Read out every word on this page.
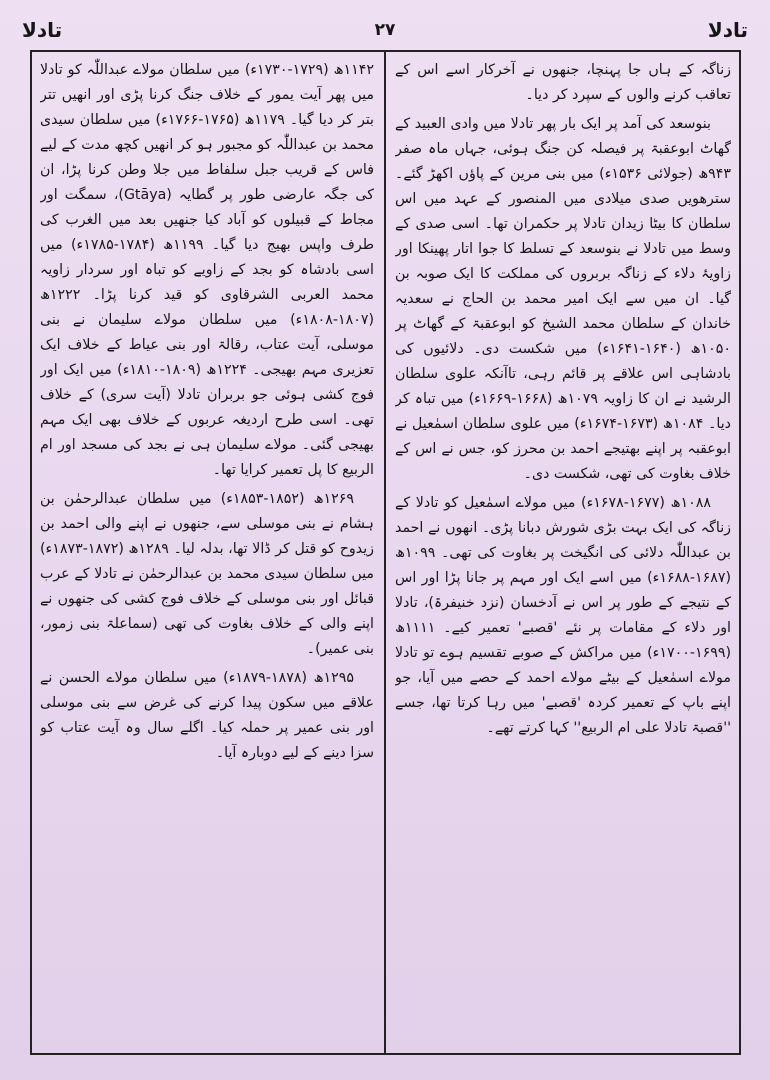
تادلا
۲۷
تادلا

زناگہ کے ہاں جا پہنچا، جنھوں نے آخرکار اسے اس کے تعاقب کرنے والوں کے سپرد کر دیا۔

بنوسعد کی آمد پر ایک بار پھر تادلا میں وادی العبید کے گھاٹ ابوعقبۃ پر فیصلہ کن جنگ ہوئی، جہاں ماہ صفر ۹۴۳ھ (جولائی ۱۵۳۶ء) میں بنی مرین کے پاؤں اکھڑ گئے۔ سترھویں صدی میلادی میں المنصور کے عہد میں اس سلطان کا بیٹا زیدان تادلا پر حکمران تھا۔ اسی صدی کے وسط میں تادلا نے بنوسعد کے تسلط کا جوا اتار پھینکا اور زاویۂ دلاء کے زناگہ بربروں کی مملکت کا ایک صوبہ بن گیا۔ ان میں سے ایک امیر محمد بن الحاج نے سعدیہ خاندان کے سلطان محمد الشیخ کو ابوعقبۃ کے گھاٹ پر ۱۰۵۰ھ (۱۶۴۰-۱۶۴۱ء) میں شکست دی۔ دلائیوں کی بادشاہی اس علاقے پر قائم رہی، تاآنکہ علوی سلطان الرشید نے ان کا زاویہ ۱۰۷۹ھ (۱۶۶۸-۱۶۶۹ء) میں تباہ کر دیا۔ ۱۰۸۴ھ (۱۶۷۳-۱۶۷۴ء) میں علوی سلطان اسمٰعیل نے ابوعقبہ پر اپنے بھتیجے احمد بن محرز کو، جس نے اس کے خلاف بغاوت کی تھی، شکست دی۔

۱۰۸۸ھ (۱۶۷۷-۱۶۷۸ء) میں مولاے اسمٰعیل کو تادلا کے زناگہ کی ایک بہت بڑی شورش دبانا پڑی۔ انھوں نے احمد بن عبداللّٰہ دلائی کی انگیخت پر بغاوت کی تھی۔ ۱۰۹۹ھ (۱۶۸۷-۱۶۸۸ء) میں اسے ایک اور مہم پر جانا پڑا اور اس کے نتیجے کے طور پر اس نے آدخسان (نزد خنیفرۃ)، تادلا اور دلاء کے مقامات پر نئے 'قصبے' تعمیر کیے۔ ۱۱۱۱ھ (۱۶۹۹-۱۷۰۰ء) میں مراکش کے صوبے تقسیم ہوے تو تادلا مولاے اسمٰعیل کے بیٹے مولاے احمد کے حصے میں آیا، جو اپنے باپ کے تعمیر کردہ 'قصبے' میں رہا کرتا تھا، جسے ''قصبۃ تادلا علی ام الربیع'' کہا کرتے تھے۔

۱۱۴۲ھ (۱۷۲۹-۱۷۳۰ء) میں سلطان مولاے عبداللّٰہ کو تادلا میں پھر آیت یمور کے خلاف جنگ کرنا پڑی اور انھیں تتر بتر کر دیا گیا۔ ۱۱۷۹ھ (۱۷۶۵-۱۷۶۶ء) میں سلطان سیدی محمد بن عبداللّٰہ کو مجبور ہو کر انھیں کچھ مدت کے لیے فاس کے قریب جبل سلفاط میں جلا وطن کرنا پڑا، ان کی جگہ عارضی طور پر گطایہ (Gtāya)، سمگت اور مجاط کے قبیلوں کو آباد کیا جنھیں بعد میں الغرب کی طرف واپس بھیج دیا گیا۔ ۱۱۹۹ھ (۱۷۸۴-۱۷۸۵ء) میں اسی بادشاہ کو بجد کے زاویے کو تباہ اور سردار زاویہ محمد العربی الشرقاوی کو قید کرنا پڑا۔ ۱۲۲۲ھ (۱۸۰۷-۱۸۰۸ء) میں سلطان مولاے سلیمان نے بنی موسلی، آیت عتاب، رقالۃ اور بنی عیاط کے خلاف ایک تعزیری مہم بھیجی۔ ۱۲۲۴ھ (۱۸۰۹-۱۸۱۰ء) میں ایک اور فوج کشی ہوئی جو بربران تادلا (آیت سری) کے خلاف تھی۔ اسی طرح اردیغہ عربوں کے خلاف بھی ایک مہم بھیجی گئی۔ مولاے سلیمان ہی نے بجد کی مسجد اور ام الربیع کا پل تعمیر کرایا تھا۔

۱۲۶۹ھ (۱۸۵۲-۱۸۵۳ء) میں سلطان عبدالرحمٰن بن ہشام نے بنی موسلی سے، جنھوں نے اپنے والی احمد بن زیدوح کو قتل کر ڈالا تھا، بدلہ لیا۔ ۱۲۸۹ھ (۱۸۷۲-۱۸۷۳ء) میں سلطان سیدی محمد بن عبدالرحمٰن نے تادلا کے عرب قبائل اور بنی موسلی کے خلاف فوج کشی کی جنھوں نے اپنے والی کے خلاف بغاوت کی تھی (سماعلۃ بنی زمور، بنی عمیر)۔

۱۲۹۵ھ (۱۸۷۸-۱۸۷۹ء) میں سلطان مولاے الحسن نے علاقے میں سکون پیدا کرنے کی غرض سے بنی موسلی اور بنی عمیر پر حملہ کیا۔ اگلے سال وہ آیت عتاب کو سزا دینے کے لیے دوبارہ آیا۔
